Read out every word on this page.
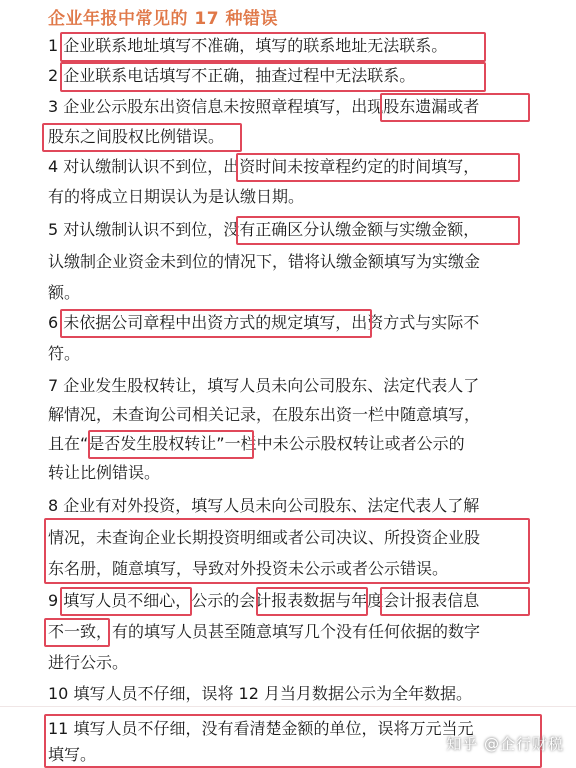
企业年报中常见的 17 种错误
1 企业联系地址填写不准确，填写的联系地址无法联系。
2 企业联系电话填写不正确，抽查过程中无法联系。
3 企业公示股东出资信息未按照章程填写，出现股东遗漏或者
股东之间股权比例错误。
4 对认缴制认识不到位，出资时间未按章程约定的时间填写，
有的将成立日期误认为是认缴日期。
5 对认缴制认识不到位，没有正确区分认缴金额与实缴金额，
认缴制企业资金未到位的情况下，错将认缴金额填写为实缴金
额。
6 未依据公司章程中出资方式的规定填写，出资方式与实际不
符。
7 企业发生股权转让，填写人员未向公司股东、法定代表人了
解情况，未查询公司相关记录，在股东出资一栏中随意填写，
且在“是否发生股权转让”一栏中未公示股权转让或者公示的
转让比例错误。
8 企业有对外投资，填写人员未向公司股东、法定代表人了解
情况，未查询企业长期投资明细或者公司决议、所投资企业股
东名册，随意填写，导致对外投资未公示或者公示错误。
9 填写人员不细心，公示的会计报表数据与年度会计报表信息
不一致，有的填写人员甚至随意填写几个没有任何依据的数字
进行公示。
10 填写人员不仔细，误将 12 月当月数据公示为全年数据。
11 填写人员不仔细，没有看清楚金额的单位，误将万元当元
填写。
知乎 @企行财税
